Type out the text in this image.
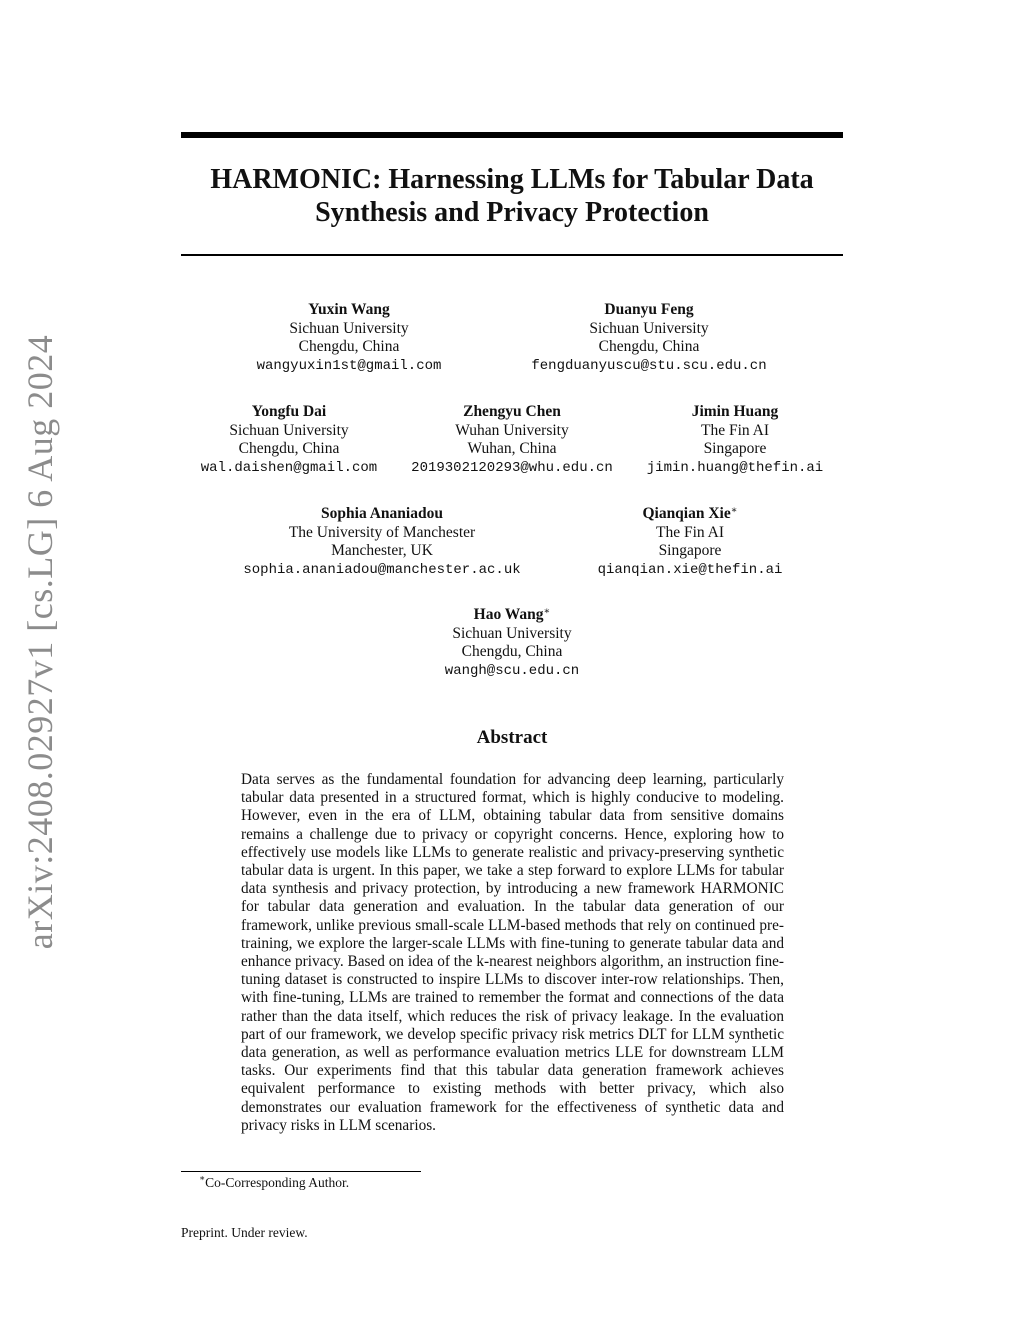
arXiv:2408.02927v1 [cs.LG] 6 Aug 2024
HARMONIC: Harnessing LLMs for Tabular Data Synthesis and Privacy Protection
Yuxin Wang
Sichuan University
Chengdu, China
wangyuxin1st@gmail.com
Duanyu Feng
Sichuan University
Chengdu, China
fengduanyuscu@stu.scu.edu.cn
Yongfu Dai
Sichuan University
Chengdu, China
wal.daishen@gmail.com
Zhengyu Chen
Wuhan University
Wuhan, China
2019302120293@whu.edu.cn
Jimin Huang
The Fin AI
Singapore
jimin.huang@thefin.ai
Sophia Ananiadou
The University of Manchester
Manchester, UK
sophia.ananiadou@manchester.ac.uk
Qianqian Xie∗
The Fin AI
Singapore
qianqian.xie@thefin.ai
Hao Wang∗
Sichuan University
Chengdu, China
wangh@scu.edu.cn
Abstract
Data serves as the fundamental foundation for advancing deep learning, particularly tabular data presented in a structured format, which is highly conducive to modeling. However, even in the era of LLM, obtaining tabular data from sensitive domains remains a challenge due to privacy or copyright concerns. Hence, exploring how to effectively use models like LLMs to generate realistic and privacy-preserving synthetic tabular data is urgent. In this paper, we take a step forward to explore LLMs for tabular data synthesis and privacy protection, by introducing a new framework HARMONIC for tabular data generation and evaluation. In the tabular data generation of our framework, unlike previous small-scale LLM-based methods that rely on continued pre-training, we explore the larger-scale LLMs with fine-tuning to generate tabular data and enhance privacy. Based on idea of the k-nearest neighbors algorithm, an instruction fine-tuning dataset is constructed to inspire LLMs to discover inter-row relationships. Then, with fine-tuning, LLMs are trained to remember the format and connections of the data rather than the data itself, which reduces the risk of privacy leakage. In the evaluation part of our framework, we develop specific privacy risk metrics DLT for LLM synthetic data generation, as well as performance evaluation metrics LLE for downstream LLM tasks. Our experiments find that this tabular data generation framework achieves equivalent performance to existing methods with better privacy, which also demonstrates our evaluation framework for the effectiveness of synthetic data and privacy risks in LLM scenarios.
∗Co-Corresponding Author.
Preprint. Under review.
